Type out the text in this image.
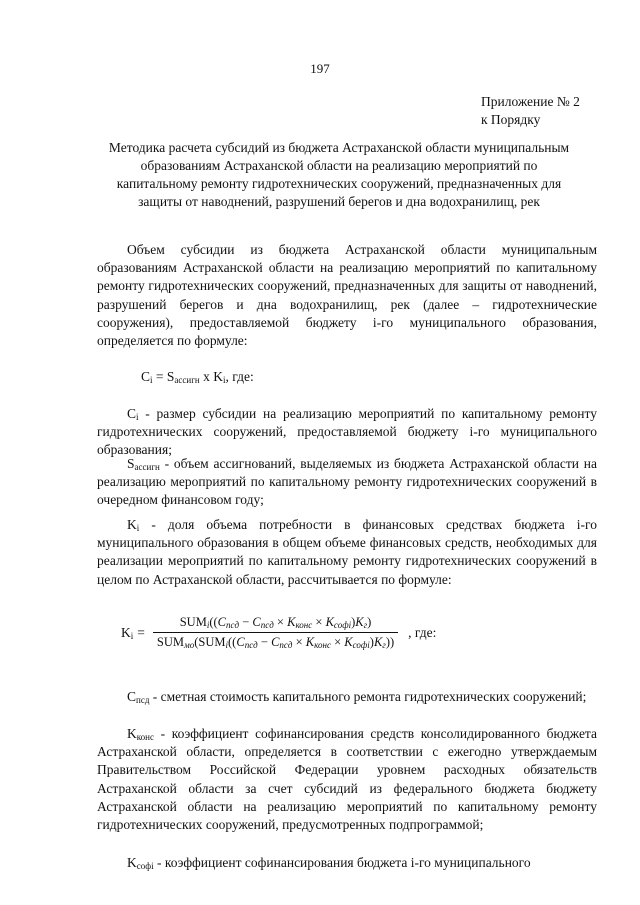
197
Приложение № 2
к Порядку
Методика расчета субсидий из бюджета Астраханской области муниципальным образованиям Астраханской области на реализацию мероприятий по капитальному ремонту гидротехнических сооружений, предназначенных для защиты от наводнений, разрушений берегов и дна водохранилищ, рек
Объем субсидии из бюджета Астраханской области муниципальным образованиям Астраханской области на реализацию мероприятий по капитальному ремонту гидротехнических сооружений, предназначенных для защиты от наводнений, разрушений берегов и дна водохранилищ, рек (далее – гидротехнические сооружения), предоставляемой бюджету i-го муниципального образования, определяется по формуле:
$C_i = S_{ассигн}$ x $K_i$, где:
$C_i$ - размер субсидии на реализацию мероприятий по капитальному ремонту гидротехнических сооружений, предоставляемой бюджету i-го муниципального образования;
$S_{ассигн}$ - объем ассигнований, выделяемых из бюджета Астраханской области на реализацию мероприятий по капитальному ремонту гидротехнических сооружений в очередном финансовом году;
$K_i$ - доля объема потребности в финансовых средствах бюджета i-го муниципального образования в общем объеме финансовых средств, необходимых для реализации мероприятий по капитальному ремонту гидротехнических сооружений в целом по Астраханской области, рассчитывается по формуле:
$K_i = \frac{SUM_i((C_{псд} - C_{псд} \times K_{конс} \times K_{софі})K_г)}{SUM_{мо}(SUM_i((C_{псд} - C_{псд} \times K_{конс} \times K_{софі})K_г))}$ , где:
$C_{псд}$ - сметная стоимость капитального ремонта гидротехнических сооружений;
$K_{конс}$ - коэффициент софинансирования средств консолидированного бюджета Астраханской области, определяется в соответствии с ежегодно утверждаемым Правительством Российской Федерации уровнем расходных обязательств Астраханской области за счет субсидий из федерального бюджета бюджету Астраханской области на реализацию мероприятий по капитальному ремонту гидротехнических сооружений, предусмотренных подпрограммой;
$K_{софі}$ - коэффициент софинансирования бюджета i-го муниципального
